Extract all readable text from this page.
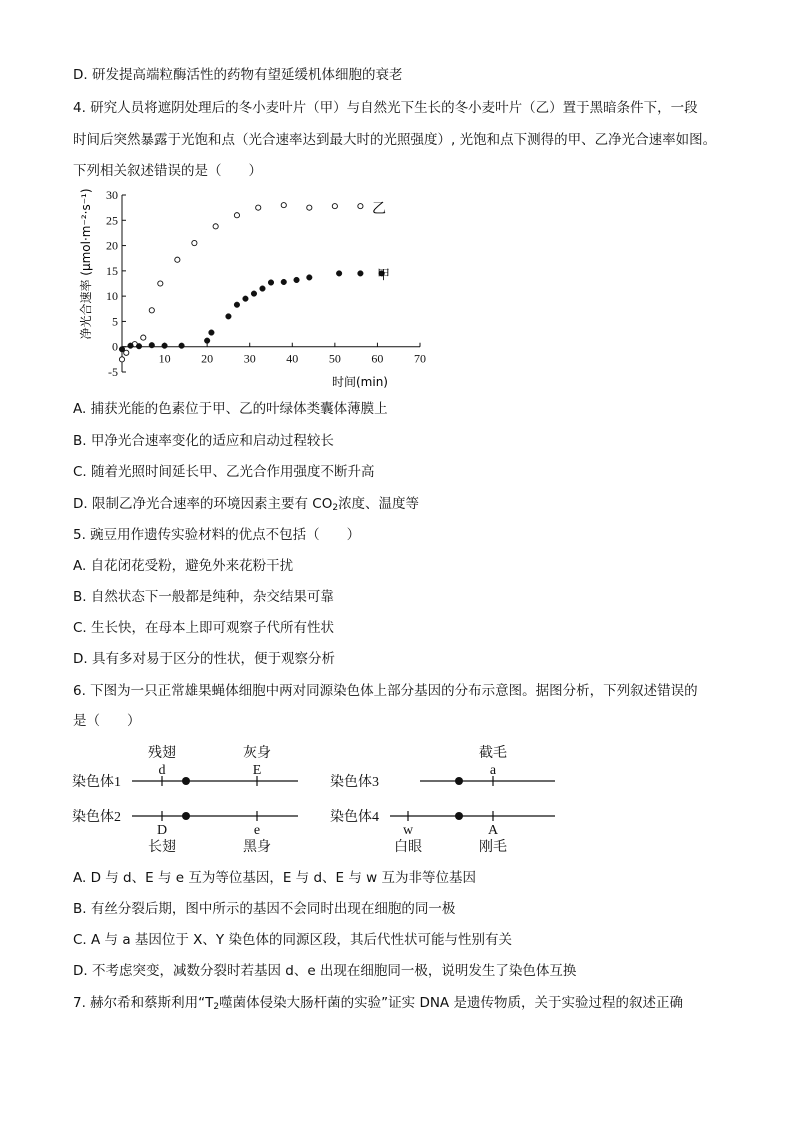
D. 研发提高端粒酶活性的药物有望延缓机体细胞的衰老
4. 研究人员将遮阴处理后的冬小麦叶片（甲）与自然光下生长的冬小麦叶片（乙）置于黑暗条件下，一段
时间后突然暴露于光饱和点（光合速率达到最大时的光照强度）, 光饱和点下测得的甲、乙净光合速率如图。
下列相关叙述错误的是（　　）
-5
0
5
10
15
20
25
30
10	20	30	40	50	60	70
乙
甲
时间(min)
净光合速率 (μmol·m⁻²·s⁻¹)
A. 捕获光能的色素位于甲、乙的叶绿体类囊体薄膜上
B. 甲净光合速率变化的适应和启动过程较长
C. 随着光照时间延长甲、乙光合作用强度不断升高
D. 限制乙净光合速率的环境因素主要有 $CO_2$浓度、温度等
5. 豌豆用作遗传实验材料的优点不包括（　　）
A. 自花闭花受粉，避免外来花粉干扰
B. 自然状态下一般都是纯种，杂交结果可靠
C. 生长快，在母本上即可观察子代所有性状
D. 具有多对易于区分的性状，便于观察分析
6. 下图为一只正常雄果蝇体细胞中两对同源染色体上部分基因的分布示意图。据图分析，下列叙述错误的
是（　　）
染色体1
染色体2
染色体3
染色体4
残翅	灰身	截毛
长翅	黑身	白眼	刚毛
d	E	a
D	e	w	A
A. D 与 d、E 与 e 互为等位基因，E 与 d、E 与 w 互为非等位基因
B. 有丝分裂后期，图中所示的基因不会同时出现在细胞的同一极
C. A 与 a 基因位于 X、Y 染色体的同源区段，其后代性状可能与性别有关
D. 不考虑突变，减数分裂时若基因 d、e 出现在细胞同一极，说明发生了染色体互换
7. 赫尔希和蔡斯利用“$T_2$噬菌体侵染大肠杆菌的实验”证实 DNA 是遗传物质，关于实验过程的叙述正确
